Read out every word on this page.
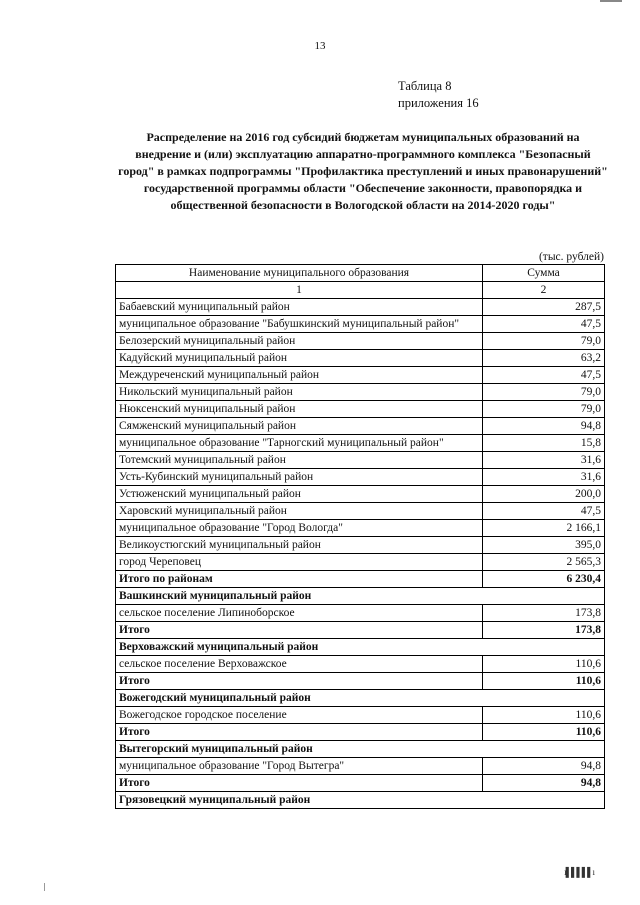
13
Таблица 8
приложения 16
Распределение на 2016 год субсидий бюджетам муниципальных образований на внедрение и (или) эксплуатацию аппаратно-программного комплекса "Безопасный город" в рамках подпрограммы "Профилактика преступлений и иных правонарушений" государственной программы области "Обеспечение законности, правопорядка и общественной безопасности в Вологодской области на 2014-2020 годы"
(тыс. рублей)
Наименование муниципального образования	Сумма
1	2
Бабаевский муниципальный район	287,5
муниципальное образование "Бабушкинский муниципальный район"	47,5
Белозерский муниципальный район	79,0
Кадуйский муниципальный район	63,2
Междуреченский муниципальный район	47,5
Никольский муниципальный район	79,0
Нюксенский муниципальный район	79,0
Сямженский муниципальный район	94,8
муниципальное образование "Тарногский муниципальный район"	15,8
Тотемский муниципальный район	31,6
Усть-Кубинский муниципальный район	31,6
Устюженский муниципальный район	200,0
Харовский муниципальный район	47,5
муниципальное образование "Город Вологда"	2 166,1
Великоустюгский муниципальный район	395,0
город Череповец	2 565,3
Итого по районам	6 230,4
Вашкинский муниципальный район	
сельское поселение Липиноборское	173,8
Итого	173,8
Верховажский муниципальный район	
сельское поселение Верховажское	110,6
Итого	110,6
Вожегодский муниципальный район	
Вожегодское городское поселение	110,6
Итого	110,6
Вытегорский муниципальный район	
муниципальное образование "Город Вытегра"	94,8
Итого	94,8
Грязовецкий муниципальный район	
ı▌▌▌▌▌ı
